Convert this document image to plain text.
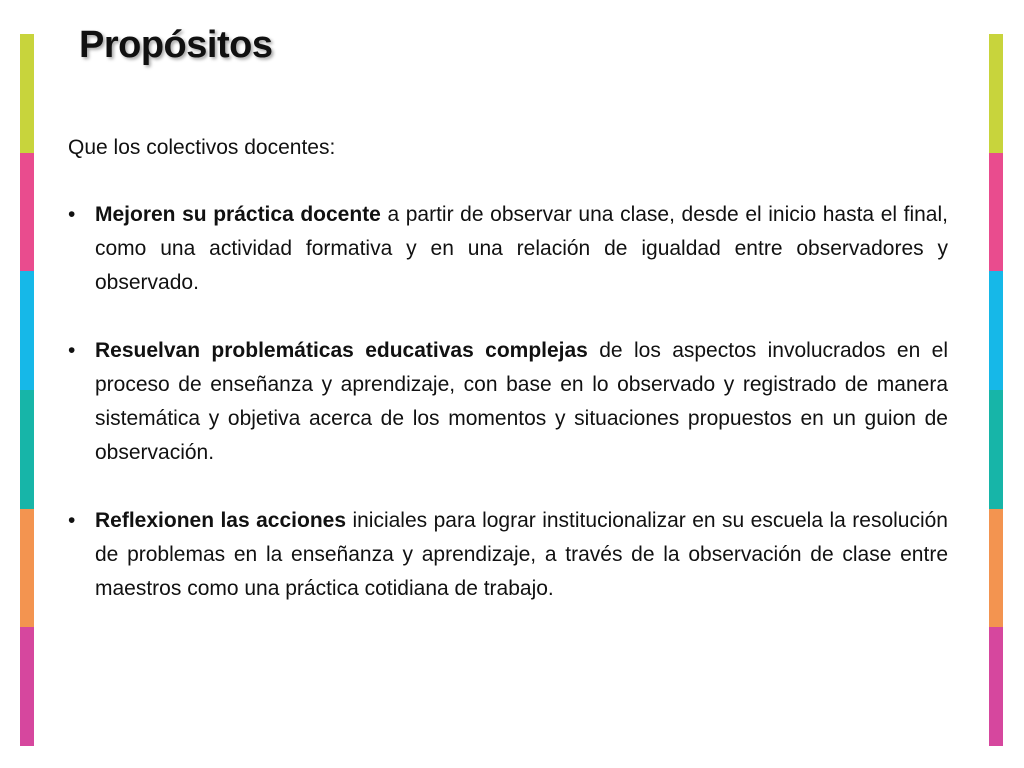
Propósitos

Que los colectivos docentes:

• Mejoren su práctica docente a partir de observar una clase, desde el inicio hasta el final, como una actividad formativa y en una relación de igualdad entre observadores y observado.
• Resuelvan problemáticas educativas complejas de los aspectos involucrados en el proceso de enseñanza y aprendizaje, con base en lo observado y registrado de manera sistemática y objetiva acerca de los momentos y situaciones propuestos en un guion de observación.
• Reflexionen las acciones iniciales para lograr institucionalizar en su escuela la resolución de problemas en la enseñanza y aprendizaje, a través de la observación de clase entre maestros como una práctica cotidiana de trabajo.
